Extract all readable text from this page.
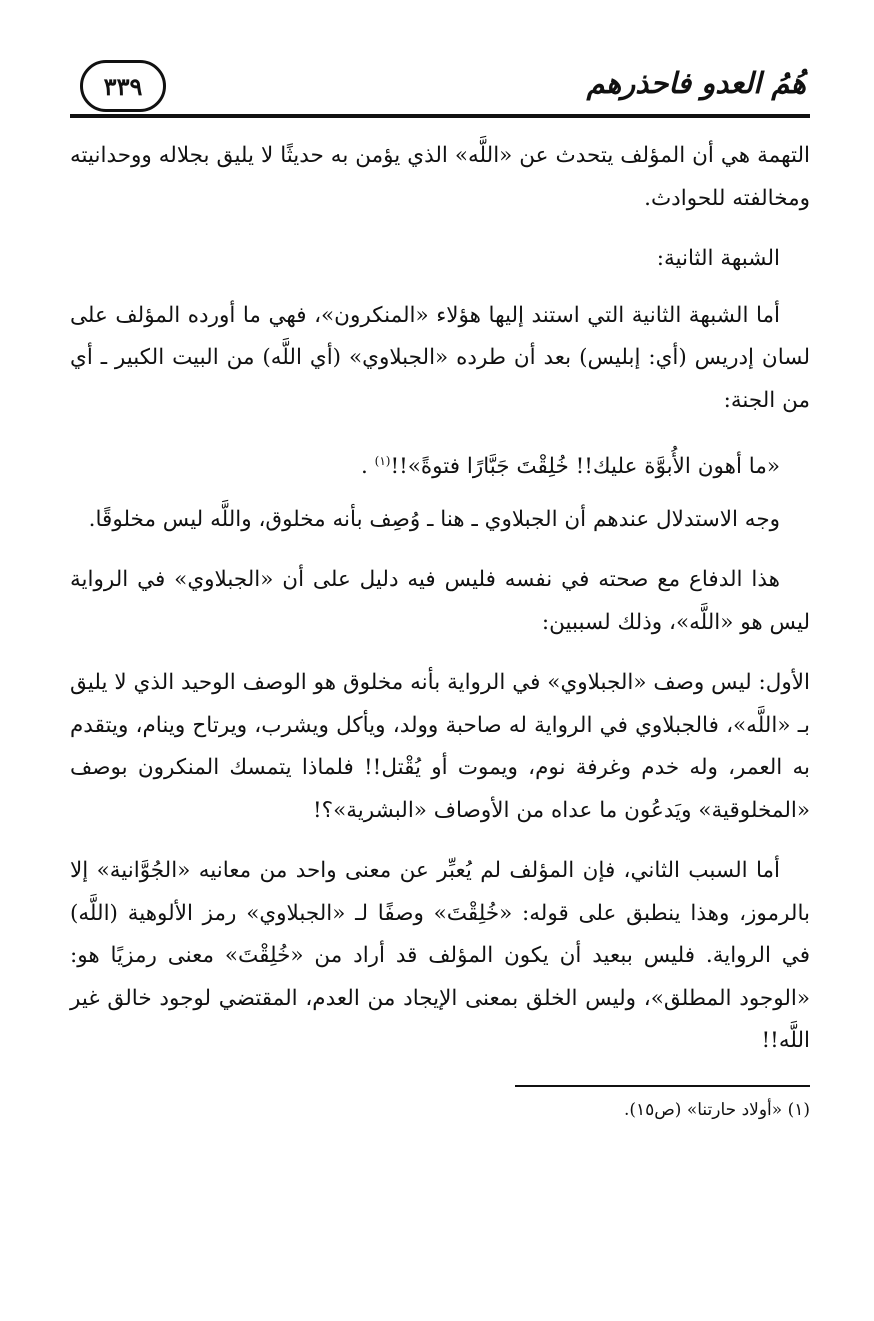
هُمُ العدو فاحذرهم
٣٣٩

التهمة هي أن المؤلف يتحدث عن «اللَّه» الذي يؤمن به حديثًا لا يليق بجلاله ووحدانيته ومخالفته للحوادث.

الشبهة الثانية:

أما الشبهة الثانية التي استند إليها هؤلاء «المنكرون»، فهي ما أورده المؤلف على لسان إدريس (أي: إبليس) بعد أن طرده «الجبلاوي» (أي اللَّه) من البيت الكبير ـ أي من الجنة:

«ما أهون الأُبوَّة عليك!! خُلِقْتَ جَبَّارًا فتوةً»!!$^{(١)}$ .

وجه الاستدلال عندهم أن الجبلاوي ـ هنا ـ وُصِف بأنه مخلوق، واللَّه ليس مخلوقًا.

هذا الدفاع مع صحته في نفسه فليس فيه دليل على أن «الجبلاوي» في الرواية ليس هو «اللَّه»، وذلك لسببين:

الأول: ليس وصف «الجبلاوي» في الرواية بأنه مخلوق هو الوصف الوحيد الذي لا يليق بـ «اللَّه»، فالجبلاوي في الرواية له صاحبة وولد، ويأكل ويشرب، ويرتاح وينام، ويتقدم به العمر، وله خدم وغرفة نوم، ويموت أو يُقْتل!! فلماذا يتمسك المنكرون بوصف «المخلوقية» ويَدعُون ما عداه من الأوصاف «البشرية»؟!

أما السبب الثاني، فإن المؤلف لم يُعبِّر عن معنى واحد من معانيه «الجُوَّانية» إلا بالرموز، وهذا ينطبق على قوله: «خُلِقْتَ» وصفًا لـ «الجبلاوي» رمز الألوهية (اللَّه) في الرواية. فليس ببعيد أن يكون المؤلف قد أراد من «خُلِقْتَ» معنى رمزيًا هو: «الوجود المطلق»، وليس الخلق بمعنى الإيجاد من العدم، المقتضي لوجود خالق غير اللَّه!!

(١) «أولاد حارتنا» (ص١٥).
